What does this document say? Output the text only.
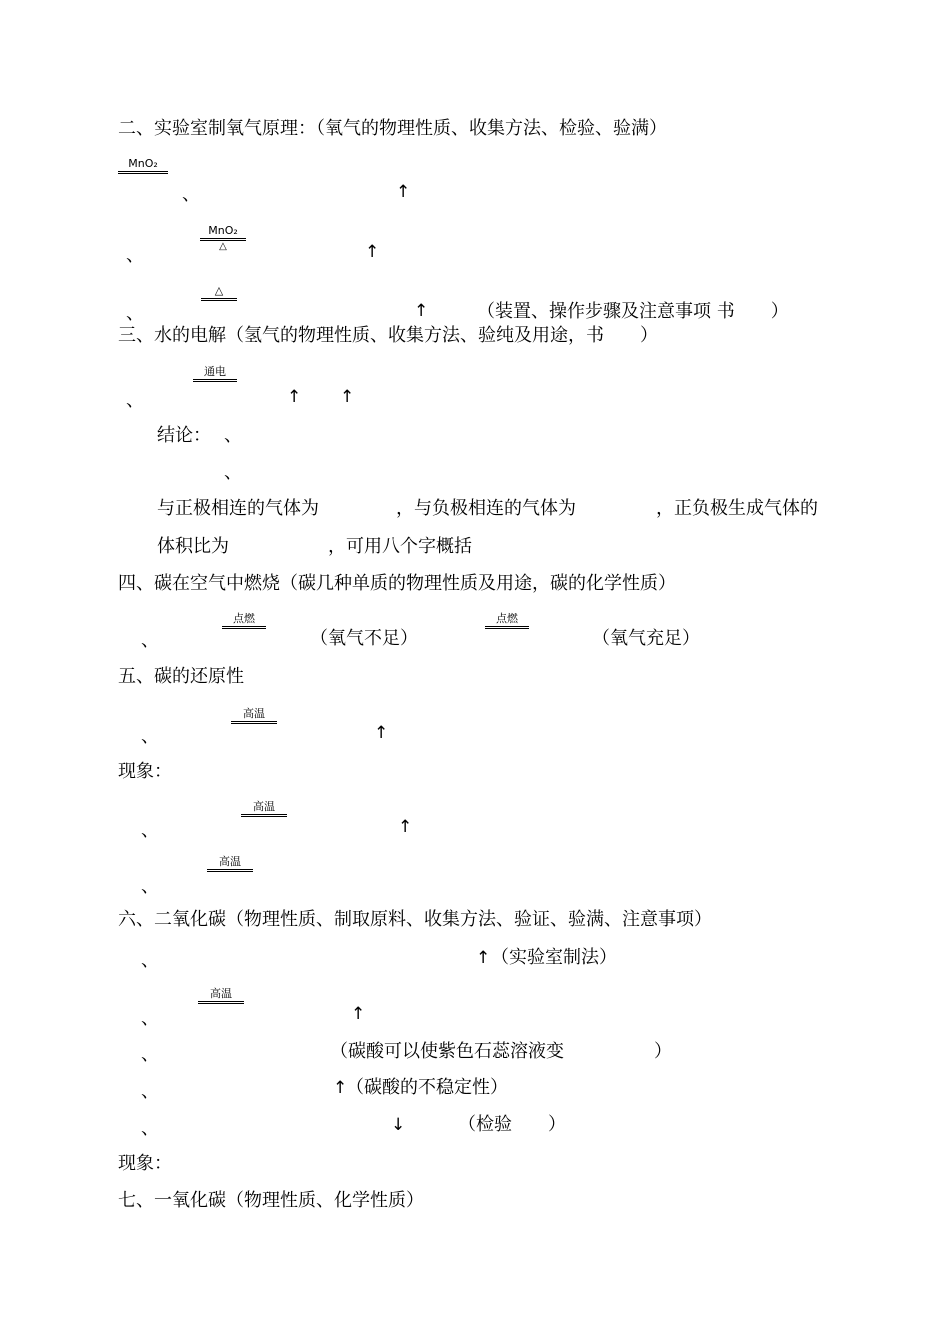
二、实验室制氧气原理：（氧气的物理性质、收集方法、检验、验满）
MnO₂
、	↑
MnO₂
△
、	↑
△
、	↑	（装置、操作步骤及注意事项 书　　）
三、水的电解（氢气的物理性质、收集方法、验纯及用途，书　　）
通电
、	↑ ↑
结论： 、
、
与正极相连的气体为	，与负极相连的气体为	，正负极生成气体的
体积比为	，可用八个字概括
四、碳在空气中燃烧（碳几种单质的物理性质及用途，碳的化学性质）
点燃
、	（氧气不足）
点燃
（氧气充足）
五、碳的还原性
高温
、	↑
现象：
高温
、	↑
高温
、
六、二氧化碳（物理性质、制取原料、收集方法、验证、验满、注意事项）
、	↑ （实验室制法）
高温
、	↑
、	（碳酸可以使紫色石蕊溶液变　　　　　）
、	↑
（碳酸的不稳定性）
、	↓	（检验　　）
现象：
七、一氧化碳（物理性质、化学性质）
